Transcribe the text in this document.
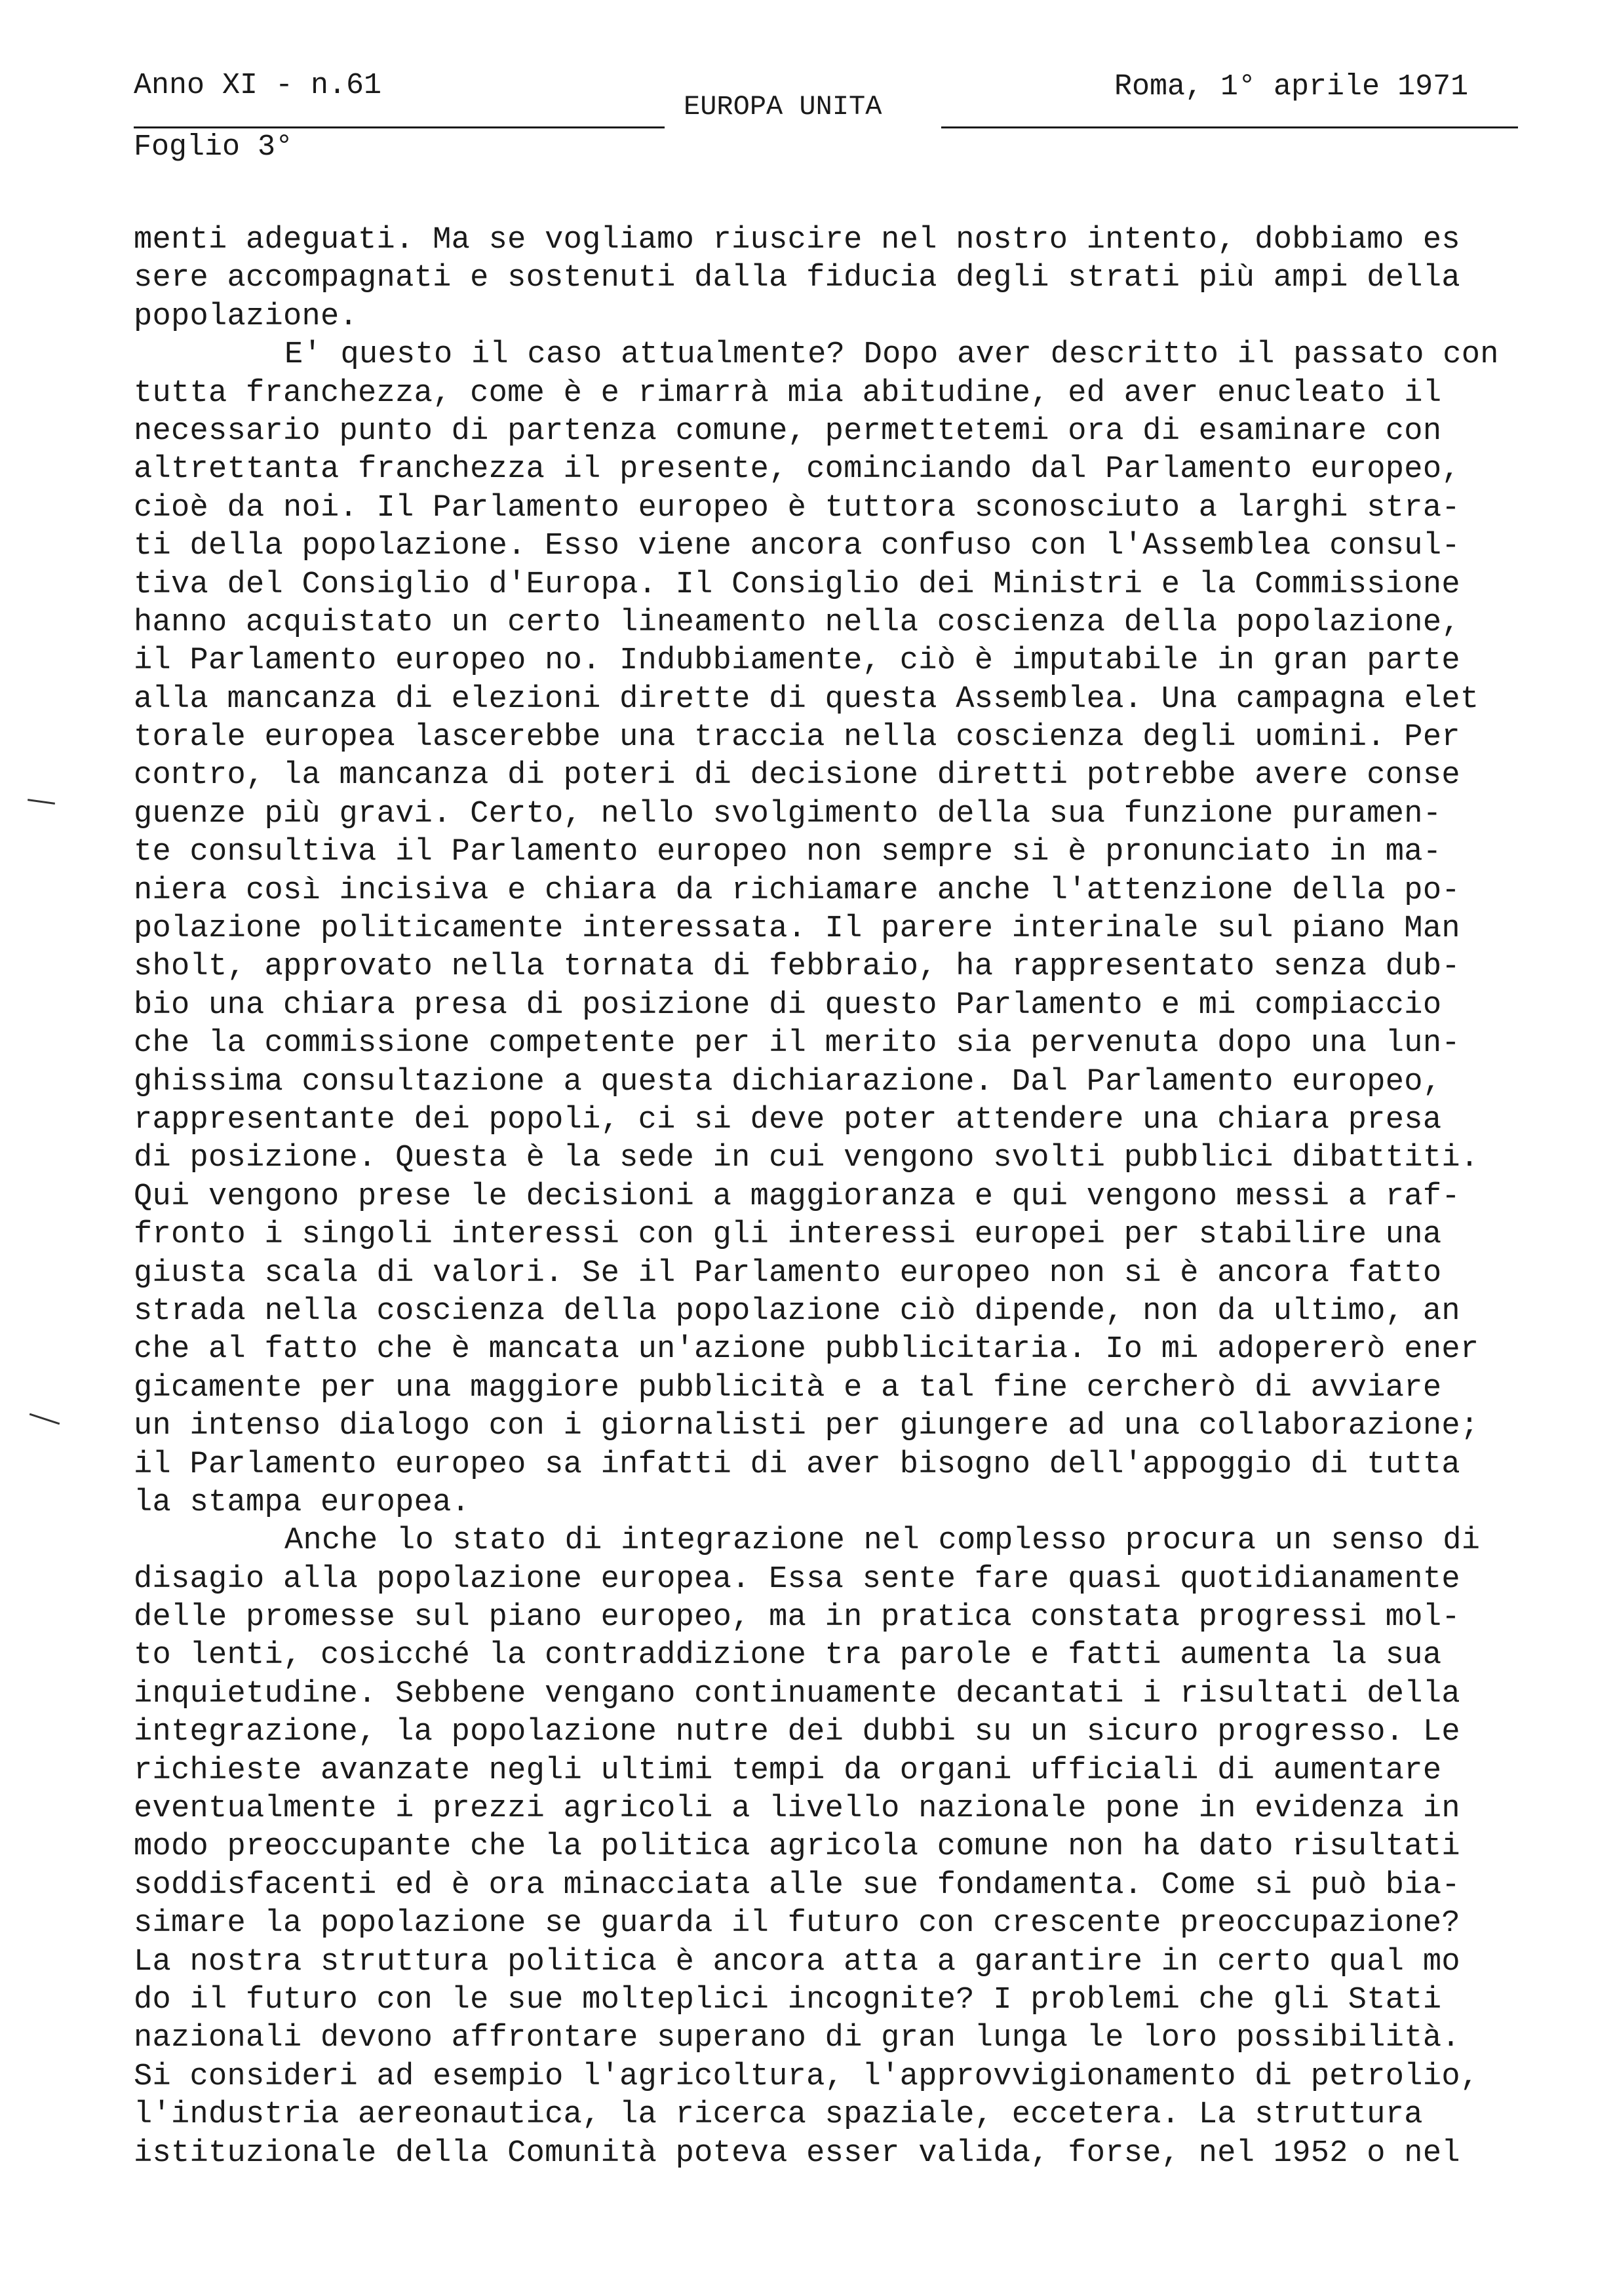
Anno XI - n.61
Foglio 3°
EUROPA UNITA
Roma, 1° aprile 1971
menti adeguati. Ma se vogliamo riuscire nel nostro intento, dobbiamo es
sere accompagnati e sostenuti dalla fiducia degli strati più ampi della
popolazione.
E' questo il caso attualmente? Dopo aver descritto il passato con
tutta franchezza, come è e rimarrà mia abitudine, ed aver enucleato il
necessario punto di partenza comune, permettetemi ora di esaminare con
altrettanta franchezza il presente, cominciando dal Parlamento europeo,
cioè da noi. Il Parlamento europeo è tuttora sconosciuto a larghi stra-
ti della popolazione. Esso viene ancora confuso con l'Assemblea consul-
tiva del Consiglio d'Europa. Il Consiglio dei Ministri e la Commissione
hanno acquistato un certo lineamento nella coscienza della popolazione,
il Parlamento europeo no. Indubbiamente, ciò è imputabile in gran parte
alla mancanza di elezioni dirette di questa Assemblea. Una campagna elet
torale europea lascerebbe una traccia nella coscienza degli uomini. Per
contro, la mancanza di poteri di decisione diretti potrebbe avere conse
guenze più gravi. Certo, nello svolgimento della sua funzione puramen-
te consultiva il Parlamento europeo non sempre si è pronunciato in ma-
niera così incisiva e chiara da richiamare anche l'attenzione della po-
polazione politicamente interessata. Il parere interinale sul piano Man
sholt, approvato nella tornata di febbraio, ha rappresentato senza dub-
bio una chiara presa di posizione di questo Parlamento e mi compiaccio
che la commissione competente per il merito sia pervenuta dopo una lun-
ghissima consultazione a questa dichiarazione. Dal Parlamento europeo,
rappresentante dei popoli, ci si deve poter attendere una chiara presa
di posizione. Questa è la sede in cui vengono svolti pubblici dibattiti.
Qui vengono prese le decisioni a maggioranza e qui vengono messi a raf-
fronto i singoli interessi con gli interessi europei per stabilire una
giusta scala di valori. Se il Parlamento europeo non si è ancora fatto
strada nella coscienza della popolazione ciò dipende, non da ultimo, an
che al fatto che è mancata un'azione pubblicitaria. Io mi adopererò ener
gicamente per una maggiore pubblicità e a tal fine cercherò di avviare
un intenso dialogo con i giornalisti per giungere ad una collaborazione;
il Parlamento europeo sa infatti di aver bisogno dell'appoggio di tutta
la stampa europea.
Anche lo stato di integrazione nel complesso procura un senso di
disagio alla popolazione europea. Essa sente fare quasi quotidianamente
delle promesse sul piano europeo, ma in pratica constata progressi mol-
to lenti, cosicché la contraddizione tra parole e fatti aumenta la sua
inquietudine. Sebbene vengano continuamente decantati i risultati della
integrazione, la popolazione nutre dei dubbi su un sicuro progresso. Le
richieste avanzate negli ultimi tempi da organi ufficiali di aumentare
eventualmente i prezzi agricoli a livello nazionale pone in evidenza in
modo preoccupante che la politica agricola comune non ha dato risultati
soddisfacenti ed è ora minacciata alle sue fondamenta. Come si può bia-
simare la popolazione se guarda il futuro con crescente preoccupazione?
La nostra struttura politica è ancora atta a garantire in certo qual mo
do il futuro con le sue molteplici incognite? I problemi che gli Stati
nazionali devono affrontare superano di gran lunga le loro possibilità.
Si consideri ad esempio l'agricoltura, l'approvvigionamento di petrolio,
l'industria aereonautica, la ricerca spaziale, eccetera. La struttura
istituzionale della Comunità poteva esser valida, forse, nel 1952 o nel
